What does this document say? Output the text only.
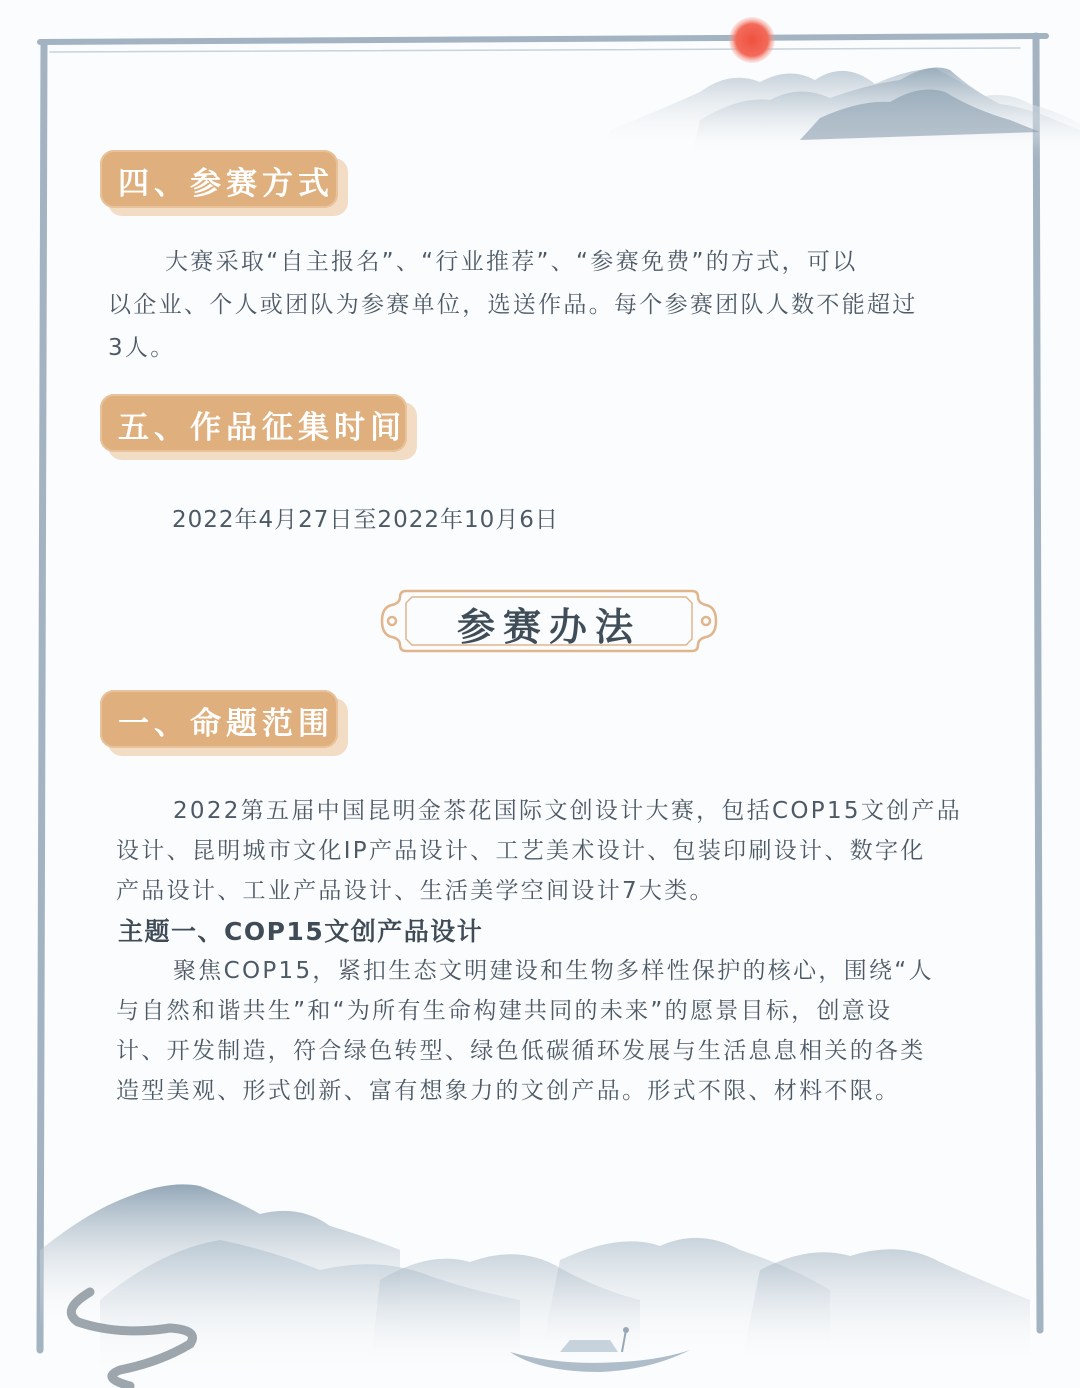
四、参赛方式
大赛采取“自主报名”、“行业推荐”、“参赛免费”的方式，可以
以企业、个人或团队为参赛单位，选送作品。每个参赛团队人数不能超过
3人。
五、作品征集时间
2022年4月27日至2022年10月6日
参赛办法
一、命题范围
2022第五届中国昆明金茶花国际文创设计大赛，包括COP15文创产品
设计、昆明城市文化IP产品设计、工艺美术设计、包装印刷设计、数字化
产品设计、工业产品设计、生活美学空间设计7大类。
主题一、COP15文创产品设计
聚焦COP15，紧扣生态文明建设和生物多样性保护的核心，围绕“人
与自然和谐共生”和“为所有生命构建共同的未来”的愿景目标，创意设
计、开发制造，符合绿色转型、绿色低碳循环发展与生活息息相关的各类
造型美观、形式创新、富有想象力的文创产品。形式不限、材料不限。
